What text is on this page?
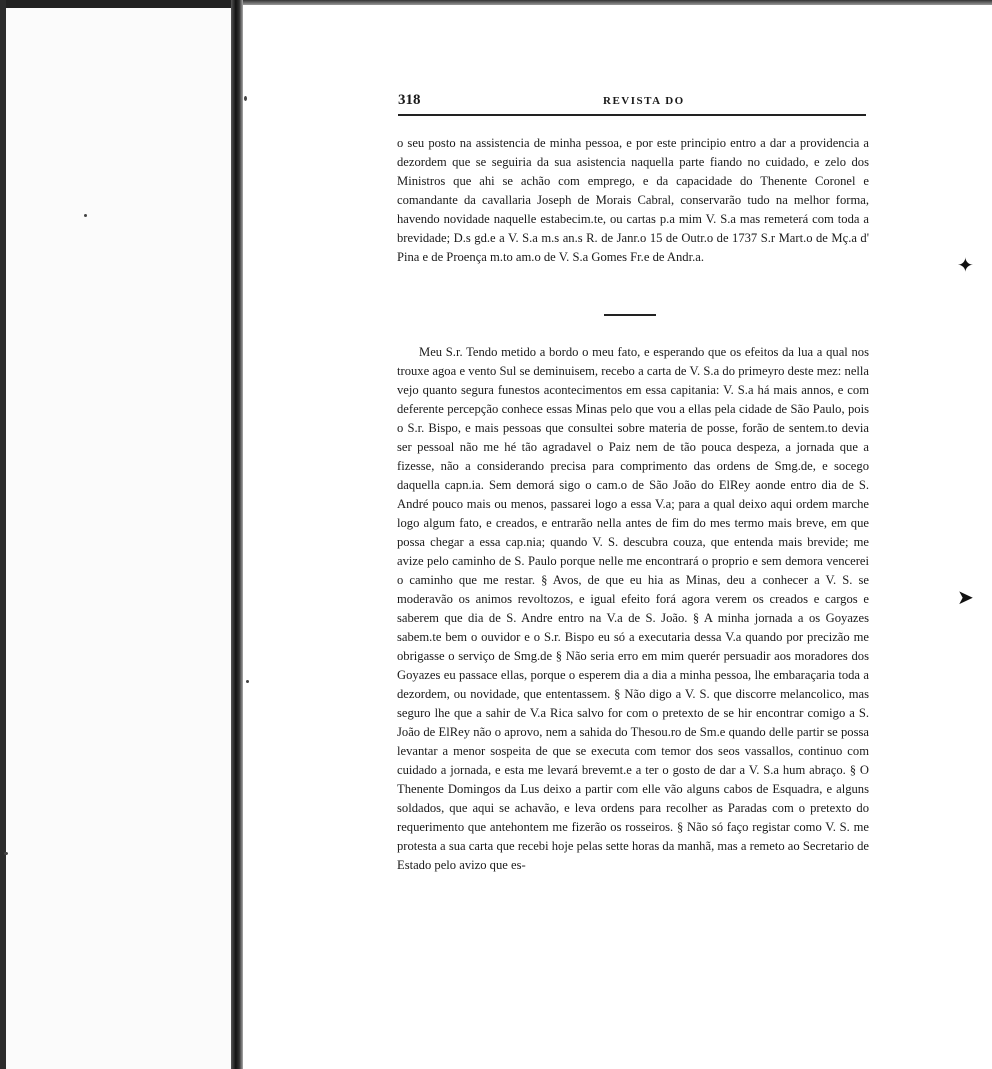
✦
➤
318	REVISTA DO

o seu posto na assistencia de minha pessoa, e por este principio entro a dar a providencia a dezordem que se seguiria da sua asistencia naquella parte fiando no cuidado, e zelo dos Ministros que ahi se achão com emprego, e da capacidade do Thenente Coronel e comandante da cavallaria Joseph de Morais Cabral, conservarão tudo na melhor forma, havendo novidade naquelle estabecim.te, ou cartas p.a mim V. S.a mas remeterá com toda a brevidade; D.s gd.e a V. S.a m.s an.s R. de Janr.o 15 de Outr.o de 1737 S.r Mart.o de Mç.a d' Pina e de Proença m.to am.o de V. S.a Gomes Fr.e de Andr.a.

Meu S.r. Tendo metido a bordo o meu fato, e esperando que os efeitos da lua a qual nos trouxe agoa e vento Sul se deminuisem, recebo a carta de V. S.a do primeyro deste mez: nella vejo quanto segura funestos acontecimentos em essa capitania: V. S.a há mais annos, e com deferente percepção conhece essas Minas pelo que vou a ellas pela cidade de São Paulo, pois o S.r. Bispo, e mais pessoas que consultei sobre materia de posse, forão de sentem.to devia ser pessoal não me hé tão agradavel o Paiz nem de tão pouca despeza, a jornada que a fizesse, não a considerando precisa para comprimento das ordens de Smg.de, e socego daquella capn.ia. Sem demorá sigo o cam.o de São João do ElRey aonde entro dia de S. André pouco mais ou menos, passarei logo a essa V.a; para a qual deixo aqui ordem marche logo algum fato, e creados, e entrarão nella antes de fim do mes termo mais breve, em que possa chegar a essa cap.nia; quando V. S. descubra couza, que entenda mais brevide; me avize pelo caminho de S. Paulo porque nelle me encontrará o proprio e sem demora vencerei o caminho que me restar. § Avos, de que eu hia as Minas, deu a conhecer a V. S. se moderavão os animos revoltozos, e igual efeito forá agora verem os creados e cargos e saberem que dia de S. Andre entro na V.a de S. João. § A minha jornada a os Goyazes sabem.te bem o ouvidor e o S.r. Bispo eu só a executaria dessa V.a quando por precizão me obrigasse o serviço de Smg.de § Não seria erro em mim querér persuadir aos moradores dos Goyazes eu passace ellas, porque o esperem dia a dia a minha pessoa, lhe embaraçaria toda a dezordem, ou novidade, que ententassem. § Não digo a V. S. que discorre melancolico, mas seguro lhe que a sahir de V.a Rica salvo for com o pretexto de se hir encontrar comigo a S. João de ElRey não o aprovo, nem a sahida do Thesou.ro de Sm.e quando delle partir se possa levantar a menor sospeita de que se executa com temor dos seos vassallos, continuo com cuidado a jornada, e esta me levará brevemt.e a ter o gosto de dar a V. S.a hum abraço. § O Thenente Domingos da Lus deixo a partir com elle vão alguns cabos de Esquadra, e alguns soldados, que aqui se achavão, e leva ordens para recolher as Paradas com o pretexto do requerimento que antehontem me fizerão os rosseiros. § Não só faço registar como V. S. me protesta a sua carta que recebi hoje pelas sette horas da manhã, mas a remeto ao Secretario de Estado pelo avizo que es-
